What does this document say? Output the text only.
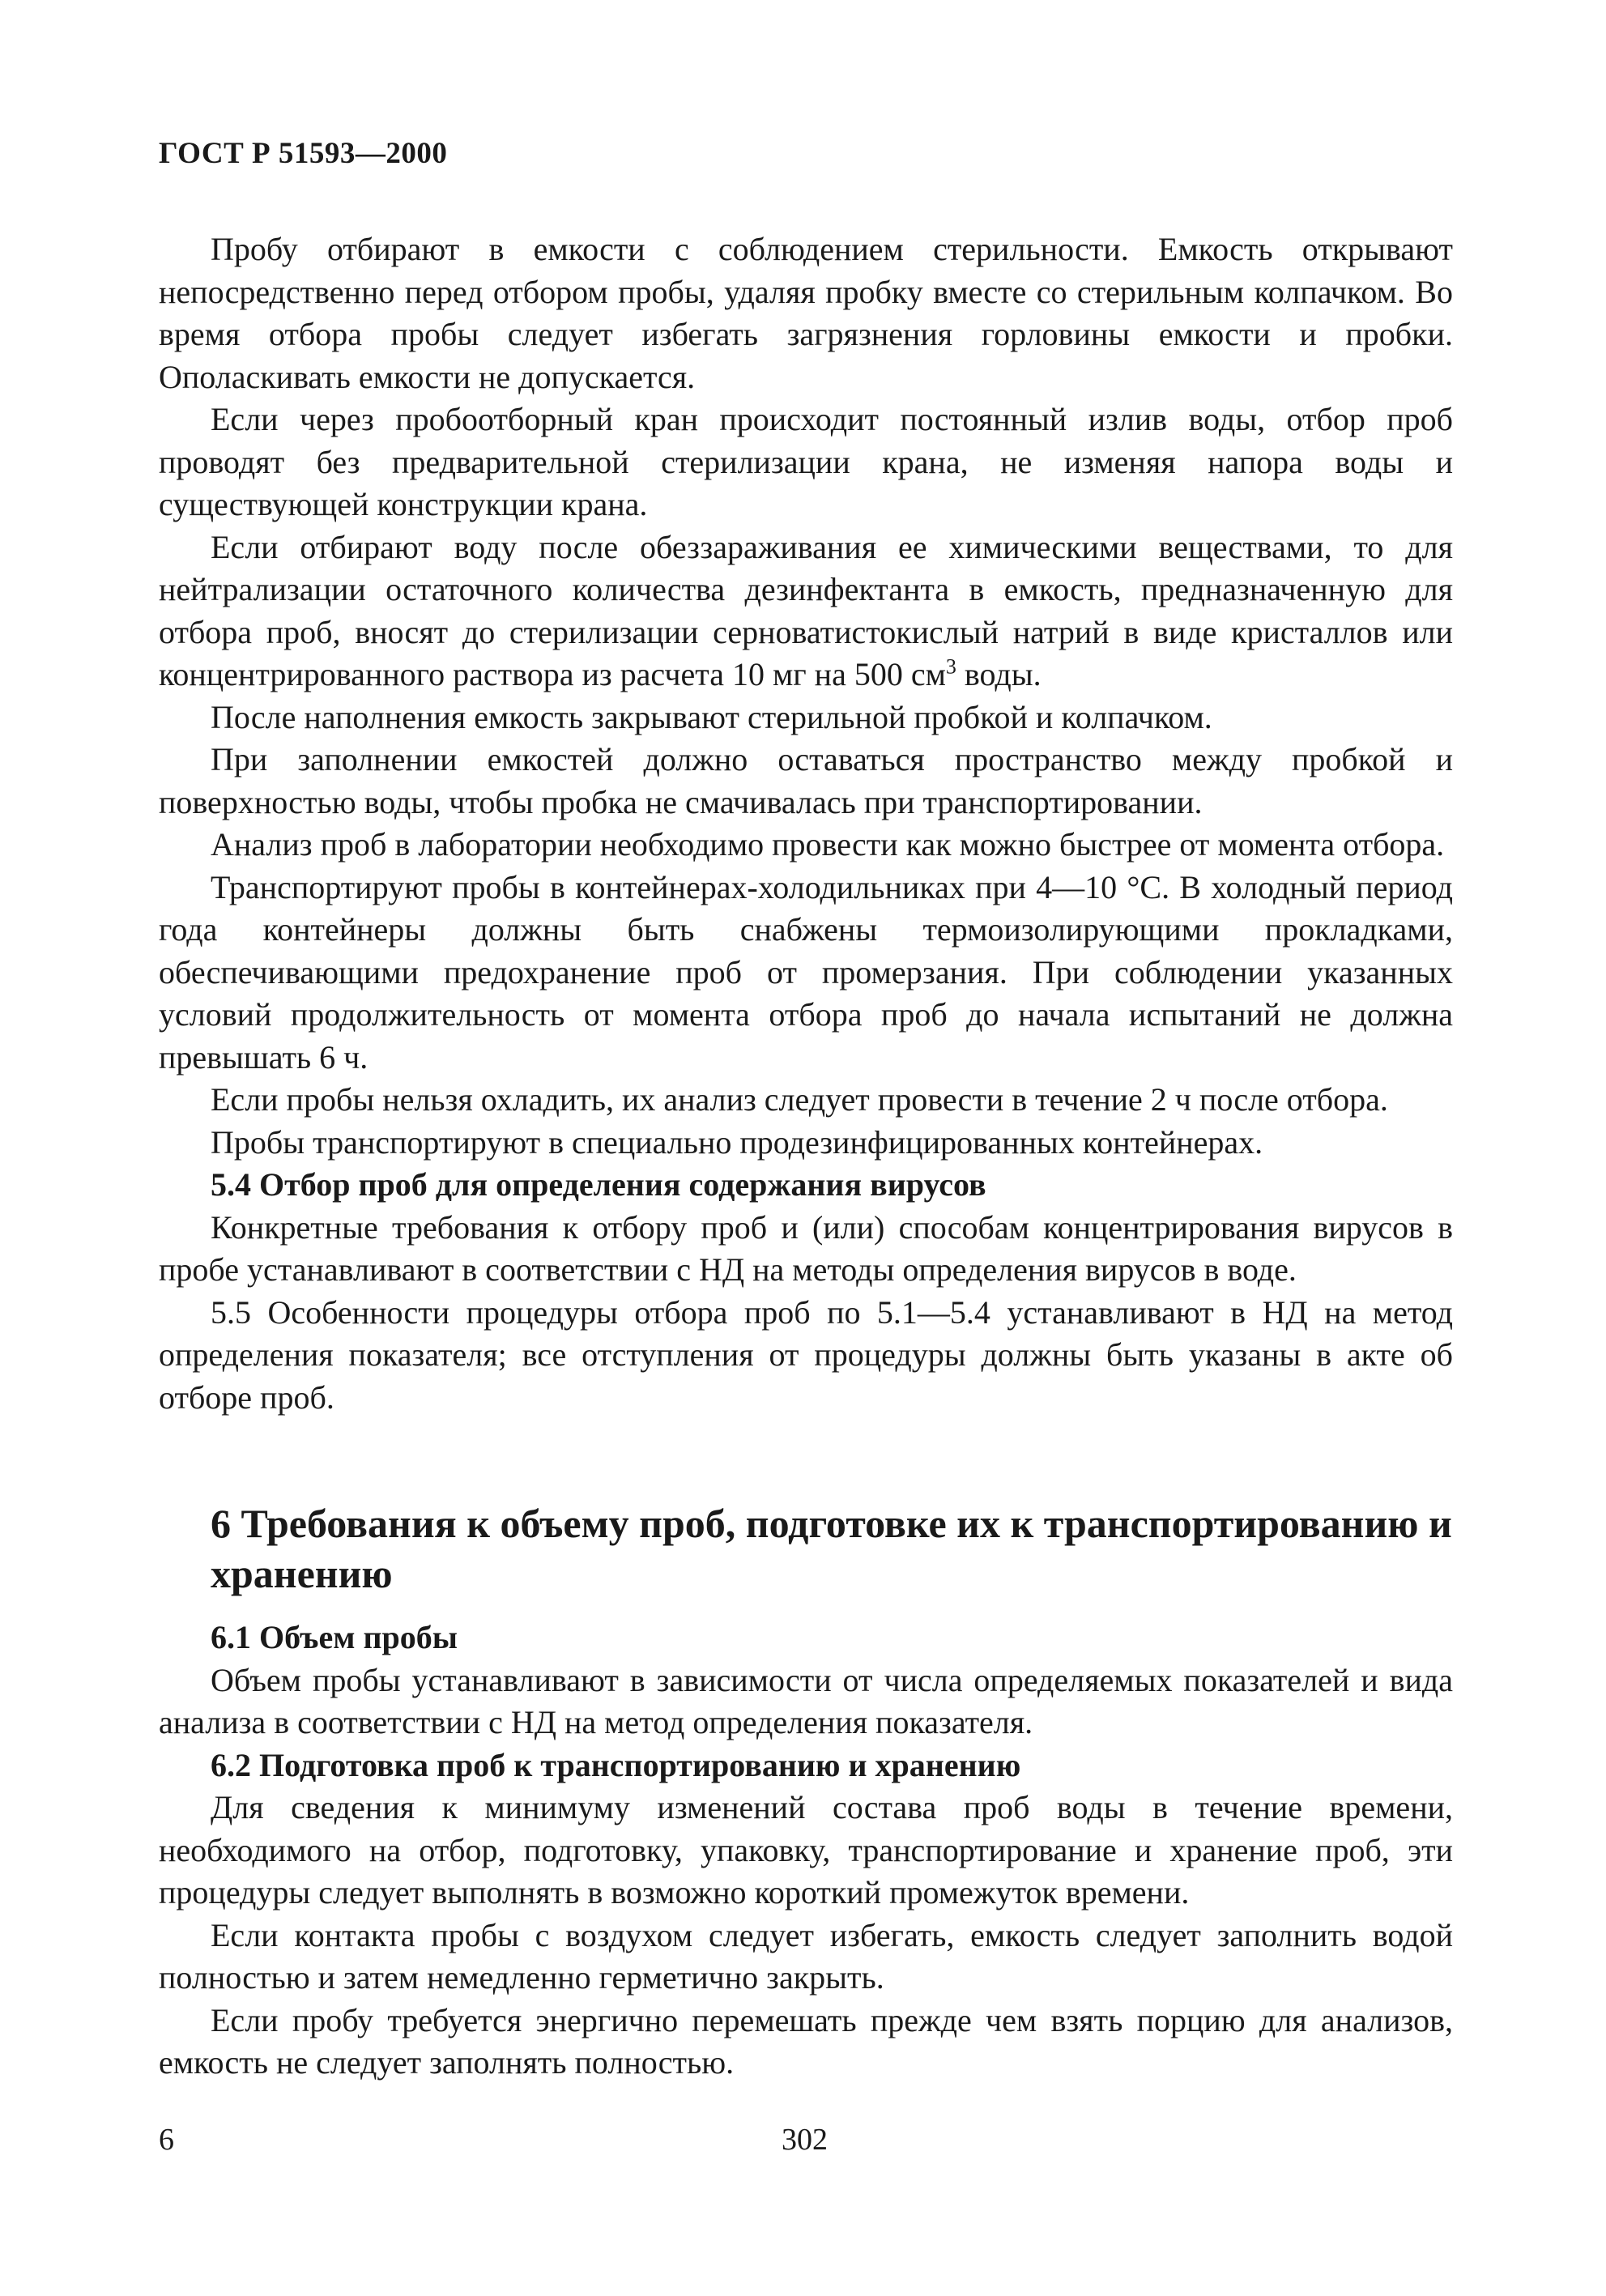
ГОСТ Р 51593—2000

Пробу отбирают в емкости с соблюдением стерильности. Емкость открывают непосредственно перед отбором пробы, удаляя пробку вместе со стерильным колпачком. Во время отбора пробы следует избегать загрязнения горловины емкости и пробки. Ополаскивать емкости не допускается.

Если через пробоотборный кран происходит постоянный излив воды, отбор проб проводят без предварительной стерилизации крана, не изменяя напора воды и существующей конструкции крана.

Если отбирают воду после обеззараживания ее химическими веществами, то для нейтрализации остаточного количества дезинфектанта в емкость, предназначенную для отбора проб, вносят до стерилизации серноватистокислый натрий в виде кристаллов или концентрированного раствора из расчета 10 мг на 500 $см^3$ воды.

После наполнения емкость закрывают стерильной пробкой и колпачком.

При заполнении емкостей должно оставаться пространство между пробкой и поверхностью воды, чтобы пробка не смачивалась при транспортировании.

Анализ проб в лаборатории необходимо провести как можно быстрее от момента отбора.

Транспортируют пробы в контейнерах-холодильниках при 4—10 °С. В холодный период года контейнеры должны быть снабжены термоизолирующими прокладками, обеспечивающими предохранение проб от промерзания. При соблюдении указанных условий продолжительность от момента отбора проб до начала испытаний не должна превышать 6 ч.

Если пробы нельзя охладить, их анализ следует провести в течение 2 ч после отбора.

Пробы транспортируют в специально продезинфицированных контейнерах.

5.4 Отбор проб для определения содержания вирусов

Конкретные требования к отбору проб и (или) способам концентрирования вирусов в пробе устанавливают в соответствии с НД на методы определения вирусов в воде.

5.5 Особенности процедуры отбора проб по 5.1—5.4 устанавливают в НД на метод определения показателя; все отступления от процедуры должны быть указаны в акте об отборе проб.

6 Требования к объему проб, подготовке их к транспортированию и хранению

6.1 Объем пробы

Объем пробы устанавливают в зависимости от числа определяемых показателей и вида анализа в соответствии с НД на метод определения показателя.

6.2 Подготовка проб к транспортированию и хранению

Для сведения к минимуму изменений состава проб воды в течение времени, необходимого на отбор, подготовку, упаковку, транспортирование и хранение проб, эти процедуры следует выполнять в возможно короткий промежуток времени.

Если контакта пробы с воздухом следует избегать, емкость следует заполнить водой полностью и затем немедленно герметично закрыть.

Если пробу требуется энергично перемешать прежде чем взять порцию для анализов, емкость не следует заполнять полностью.

6	302
